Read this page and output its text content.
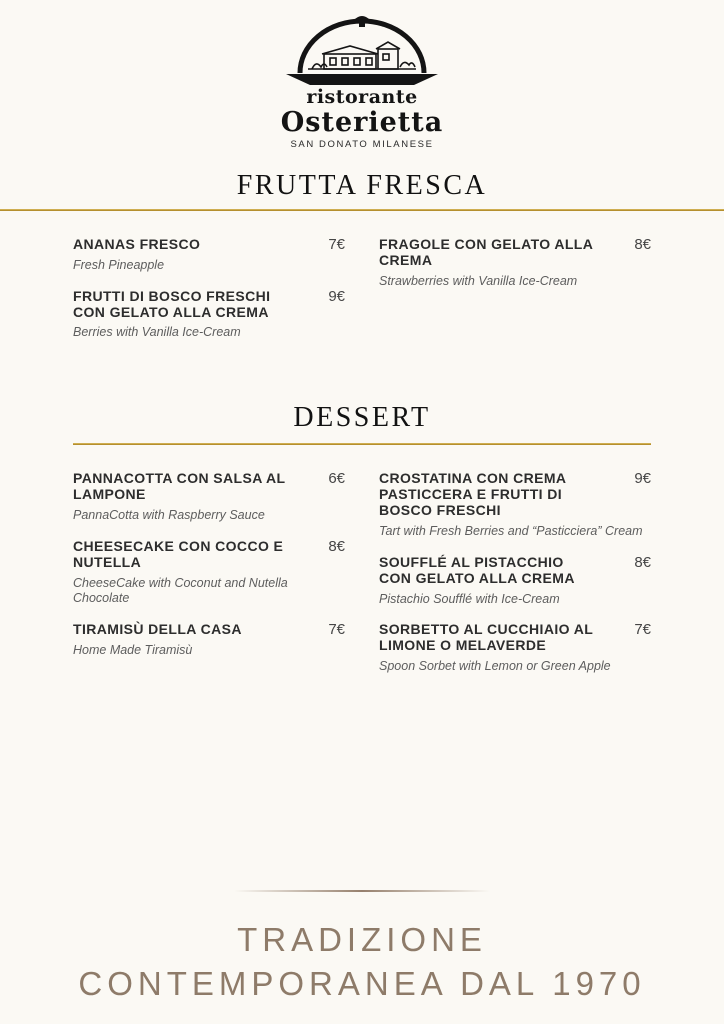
ristorante
Osterietta
SAN DONATO MILANESE
FRUTTA FRESCA
ANANAS FRESCO	7€
Fresh Pineapple
FRUTTI DI BOSCO FRESCHI CON GELATO ALLA CREMA
9€
Berries with Vanilla Ice-Cream
FRAGOLE CON GELATO ALLA CREMA
8€
Strawberries with Vanilla Ice-Cream
DESSERT
PANNACOTTA CON SALSA AL LAMPONE
6€
PannaCotta with Raspberry Sauce
CHEESECAKE CON COCCO E NUTELLA
8€
CheeseCake with Coconut and Nutella Chocolate
TIRAMISÙ DELLA CASA	7€
Home Made Tiramisù
CROSTATINA CON CREMA PASTICCERA E FRUTTI DI BOSCO FRESCHI
9€
Tart with Fresh Berries and “Pasticciera” Cream
SOUFFLÉ AL PISTACCHIO CON GELATO ALLA CREMA
8€
Pistachio Soufflé with Ice-Cream
SORBETTO AL CUCCHIAIO AL LIMONE O MELAVERDE
7€
Spoon Sorbet with Lemon or Green Apple
TRADIZIONE CONTEMPORANEA DAL 1970
